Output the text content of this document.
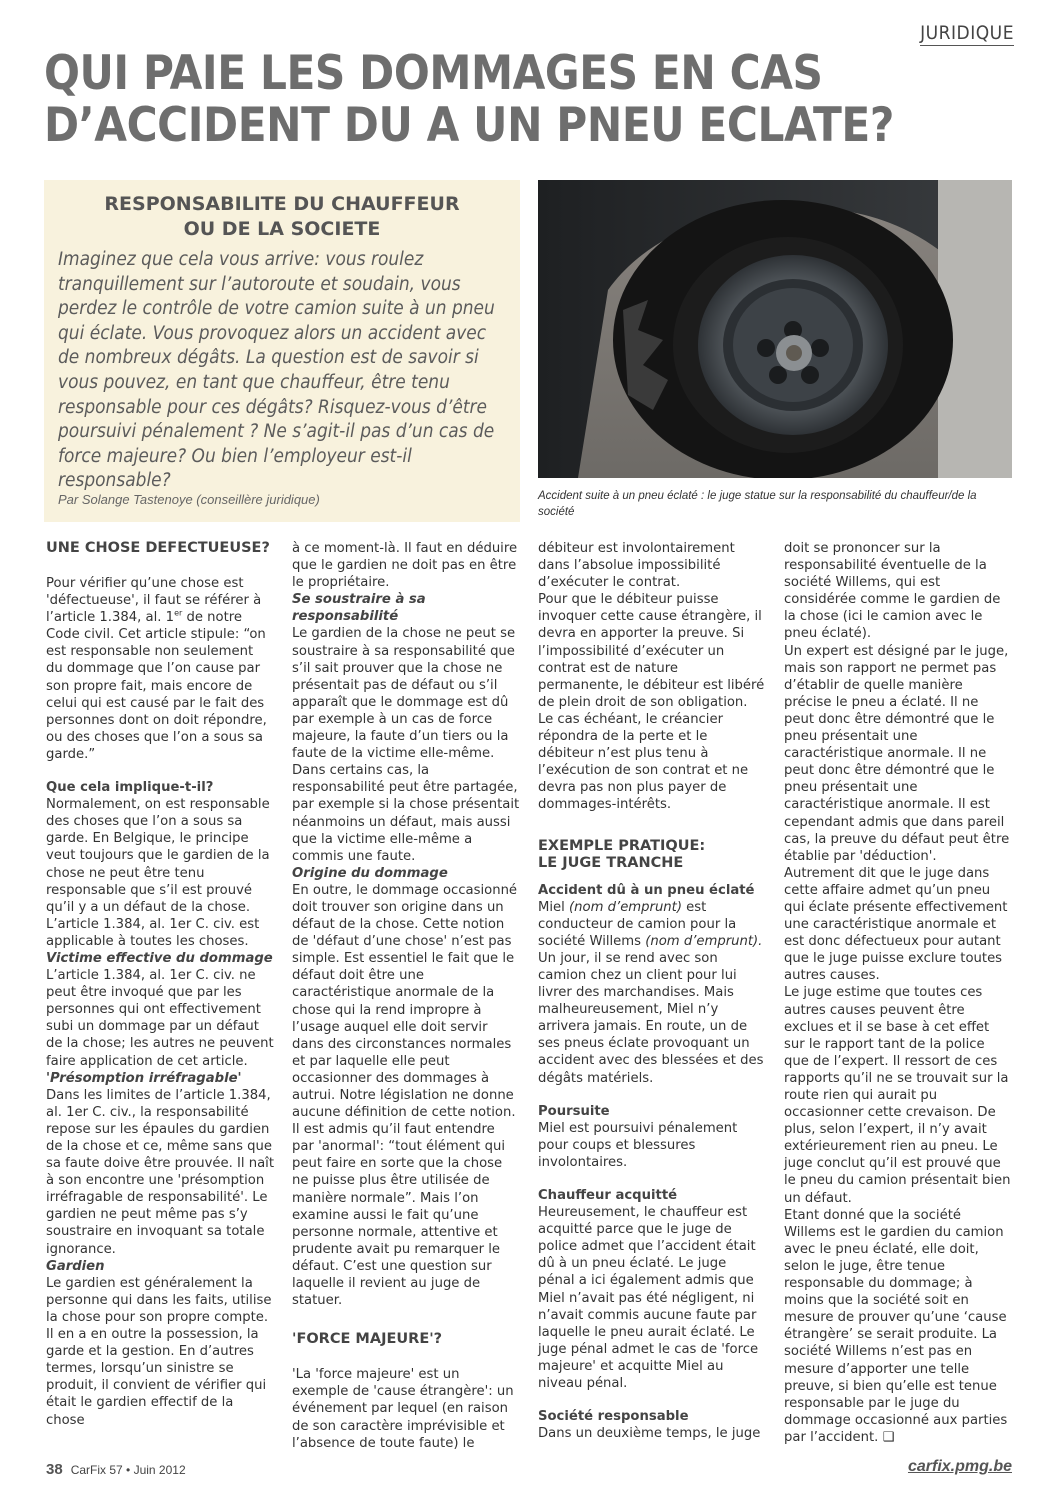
JURIDIQUE
QUI PAIE LES DOMMAGES EN CAS
D’ACCIDENT DU A UN PNEU ECLATE?
RESPONSABILITE DU CHAUFFEUR
OU DE LA SOCIETE

Imaginez que cela vous arrive: vous roulez tranquillement sur l’autoroute et soudain, vous perdez le contrôle de votre camion suite à un pneu qui éclate. Vous provoquez alors un accident avec de nombreux dégâts. La question est de savoir si vous pouvez, en tant que chauffeur, être tenu responsable pour ces dégâts? Risquez-vous d’être poursuivi pénalement ? Ne s’agit-il pas d’un cas de force majeure? Ou bien l’employeur est-il responsable?

Par Solange Tastenoye (conseillère juridique)	Accident suite à un pneu éclaté : le juge statue sur la responsabilité du chauffeur/de la société

UNE CHOSE DEFECTUEUSE?

Pour vérifier qu’une chose est 'défectueuse', il faut se référer à l’article 1.384, al. 1er de notre Code civil. Cet article stipule: “on est responsable non seulement du dommage que l’on cause par son propre fait, mais encore de celui qui est causé par le fait des personnes dont on doit répondre, ou des choses que l’on a sous sa garde.”

Que cela implique-t-il?

Normalement, on est responsable des choses que l’on a sous sa garde. En Belgique, le principe veut toujours que le gardien de la chose ne peut être tenu responsable que s’il est prouvé qu’il y a un défaut de la chose. L’article 1.384, al. 1er C. civ. est applicable à toutes les choses.

Victime effective du dommage

L’article 1.384, al. 1er C. civ. ne peut être invoqué que par les personnes qui ont effectivement subi un dommage par un défaut de la chose; les autres ne peuvent faire application de cet article.

'Présomption irréfragable'

Dans les limites de l’article 1.384, al. 1er C. civ., la responsabilité repose sur les épaules du gardien de la chose et ce, même sans que sa faute doive être prouvée. Il naît à son encontre une 'présomption irréfragable de responsabilité'. Le gardien ne peut même pas s’y soustraire en invoquant sa totale ignorance.

Gardien

Le gardien est généralement la personne qui dans les faits, utilise la chose pour son propre compte. Il en a en outre la possession, la garde et la gestion. En d’autres termes, lorsqu’un sinistre se produit, il convient de vérifier qui était le gardien effectif de la chose

à ce moment-là. Il faut en déduire que le gardien ne doit pas en être le propriétaire.

Se soustraire à sa responsabilité

Le gardien de la chose ne peut se soustraire à sa responsabilité que s’il sait prouver que la chose ne présentait pas de défaut ou s’il apparaît que le dommage est dû par exemple à un cas de force majeure, la faute d’un tiers ou la faute de la victime elle-même. Dans certains cas, la responsabilité peut être partagée, par exemple si la chose présentait néanmoins un défaut, mais aussi que la victime elle-même a commis une faute.

Origine du dommage

En outre, le dommage occasionné doit trouver son origine dans un défaut de la chose. Cette notion de 'défaut d’une chose' n’est pas simple. Est essentiel le fait que le défaut doit être une caractéristique anormale de la chose qui la rend impropre à l’usage auquel elle doit servir dans des circonstances normales et par laquelle elle peut occasionner des dommages à autrui. Notre législation ne donne aucune définition de cette notion. Il est admis qu’il faut entendre par 'anormal': “tout élément qui peut faire en sorte que la chose ne puisse plus être utilisée de manière normale”. Mais l’on examine aussi le fait qu’une personne normale, attentive et prudente avait pu remarquer le défaut. C’est une question sur laquelle il revient au juge de statuer.

'FORCE MAJEURE'?

'La 'force majeure' est un exemple de 'cause étrangère': un événement par lequel (en raison de son caractère imprévisible et l’absence de toute faute) le

débiteur est involontairement dans l’absolue impossibilité d’exécuter le contrat.

Pour que le débiteur puisse invoquer cette cause étrangère, il devra en apporter la preuve. Si l’impossibilité d’exécuter un contrat est de nature permanente, le débiteur est libéré de plein droit de son obligation. Le cas échéant, le créancier répondra de la perte et le débiteur n’est plus tenu à l’exécution de son contrat et ne devra pas non plus payer de dommages-intérêts.

EXEMPLE PRATIQUE:
LE JUGE TRANCHE

Accident dû à un pneu éclaté

Miel (nom d’emprunt) est conducteur de camion pour la société Willems (nom d’emprunt). Un jour, il se rend avec son camion chez un client pour lui livrer des marchandises. Mais malheureusement, Miel n’y arrivera jamais. En route, un de ses pneus éclate provoquant un accident avec des blessées et des dégâts matériels.

Poursuite

Miel est poursuivi pénalement pour coups et blessures involontaires.

Chauffeur acquitté

Heureusement, le chauffeur est acquitté parce que le juge de police admet que l’accident était dû à un pneu éclaté. Le juge pénal a ici également admis que Miel n’avait pas été négligent, ni n’avait commis aucune faute par laquelle le pneu aurait éclaté. Le juge pénal admet le cas de 'force majeure' et acquitte Miel au niveau pénal.

Société responsable

Dans un deuxième temps, le juge

doit se prononcer sur la responsabilité éventuelle de la société Willems, qui est considérée comme le gardien de la chose (ici le camion avec le pneu éclaté).

Un expert est désigné par le juge, mais son rapport ne permet pas d’établir de quelle manière précise le pneu a éclaté. Il ne peut donc être démontré que le pneu présentait une caractéristique anormale. Il ne peut donc être démontré que le pneu présentait une caractéristique anormale. Il est cependant admis que dans pareil cas, la preuve du défaut peut être établie par 'déduction'.

Autrement dit que le juge dans cette affaire admet qu’un pneu qui éclate présente effectivement une caractéristique anormale et est donc défectueux pour autant que le juge puisse exclure toutes autres causes.

Le juge estime que toutes ces autres causes peuvent être exclues et il se base à cet effet sur le rapport tant de la police que de l’expert. Il ressort de ces rapports qu’il ne se trouvait sur la route rien qui aurait pu occasionner cette crevaison. De plus, selon l’expert, il n’y avait extérieurement rien au pneu. Le juge conclut qu’il est prouvé que le pneu du camion présentait bien un défaut.

Etant donné que la société Willems est le gardien du camion avec le pneu éclaté, elle doit, selon le juge, être tenue responsable du dommage; à moins que la société soit en mesure de prouver qu’une ‘cause étrangère’ se serait produite. La société Willems n’est pas en mesure d’apporter une telle preuve, si bien qu’elle est tenue responsable par le juge du dommage occasionné aux parties par l’accident. ❑

38 CarFix 57 • Juin 2012	carfix.pmg.be
